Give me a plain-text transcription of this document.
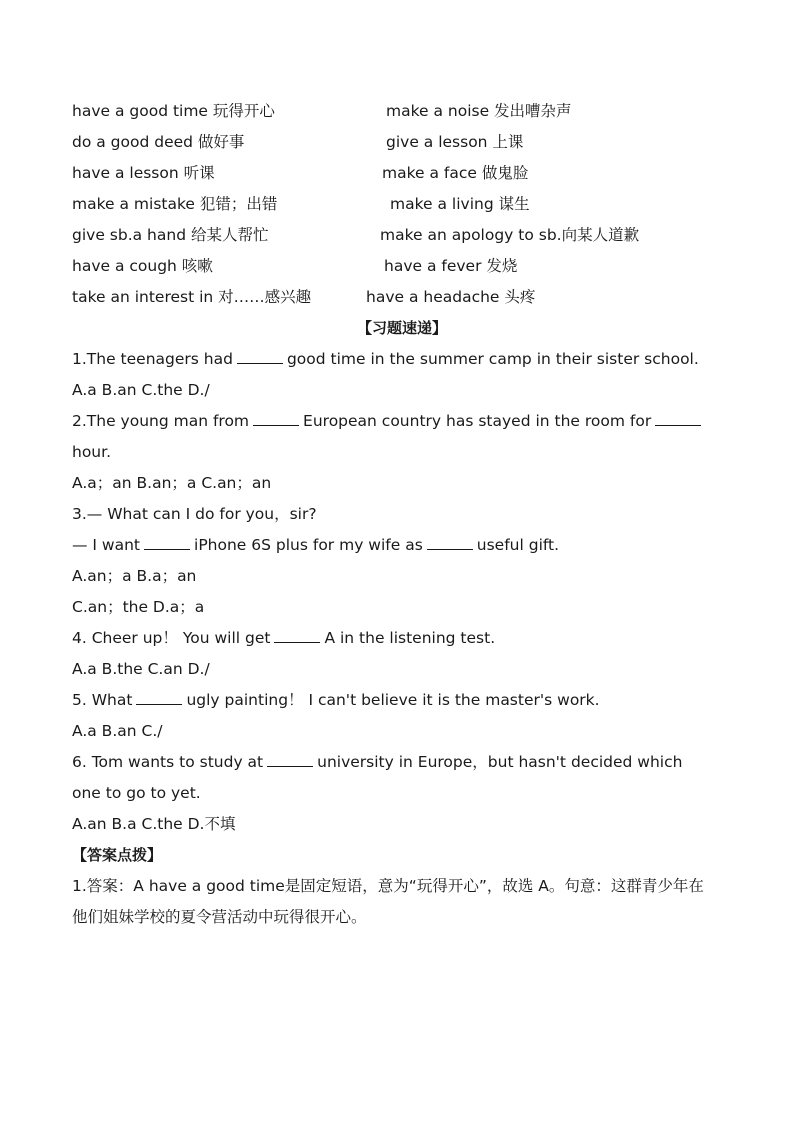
have a good time 玩得开心	make a noise 发出嘈杂声
do a good deed 做好事	give a lesson 上课
have a lesson 听课	make a face 做鬼脸
make a mistake 犯错；出错	make a living 谋生
give sb.a hand 给某人帮忙	make an apology to sb.向某人道歉
have a cough 咳嗽	have a fever 发烧
take an interest in 对……感兴趣	have a headache 头疼
【习题速递】
1.The teenagers had	good time in the summer camp in their sister school.
A.a B.an C.the D./
2.The young man from	European country has stayed in the room for
hour.
A.a；an B.an；a C.an；an
3.— What can I do for you，sir?
— I want	iPhone 6S plus for my wife as	useful gift.
A.an；a B.a；an
C.an；the D.a；a
4. Cheer up！ You will get	A in the listening test.
A.a B.the C.an D./
5. What	ugly painting！ I can't believe it is the master's work.
A.a B.an C./
6. Tom wants to study at	university in Europe，but hasn't decided which
one to go to yet.
A.an B.a C.the D.不填
【答案点拨】
1.答案：A have a good time是固定短语，意为“玩得开心”，故选 A。句意：这群青少年在
他们姐妹学校的夏令营活动中玩得很开心。
